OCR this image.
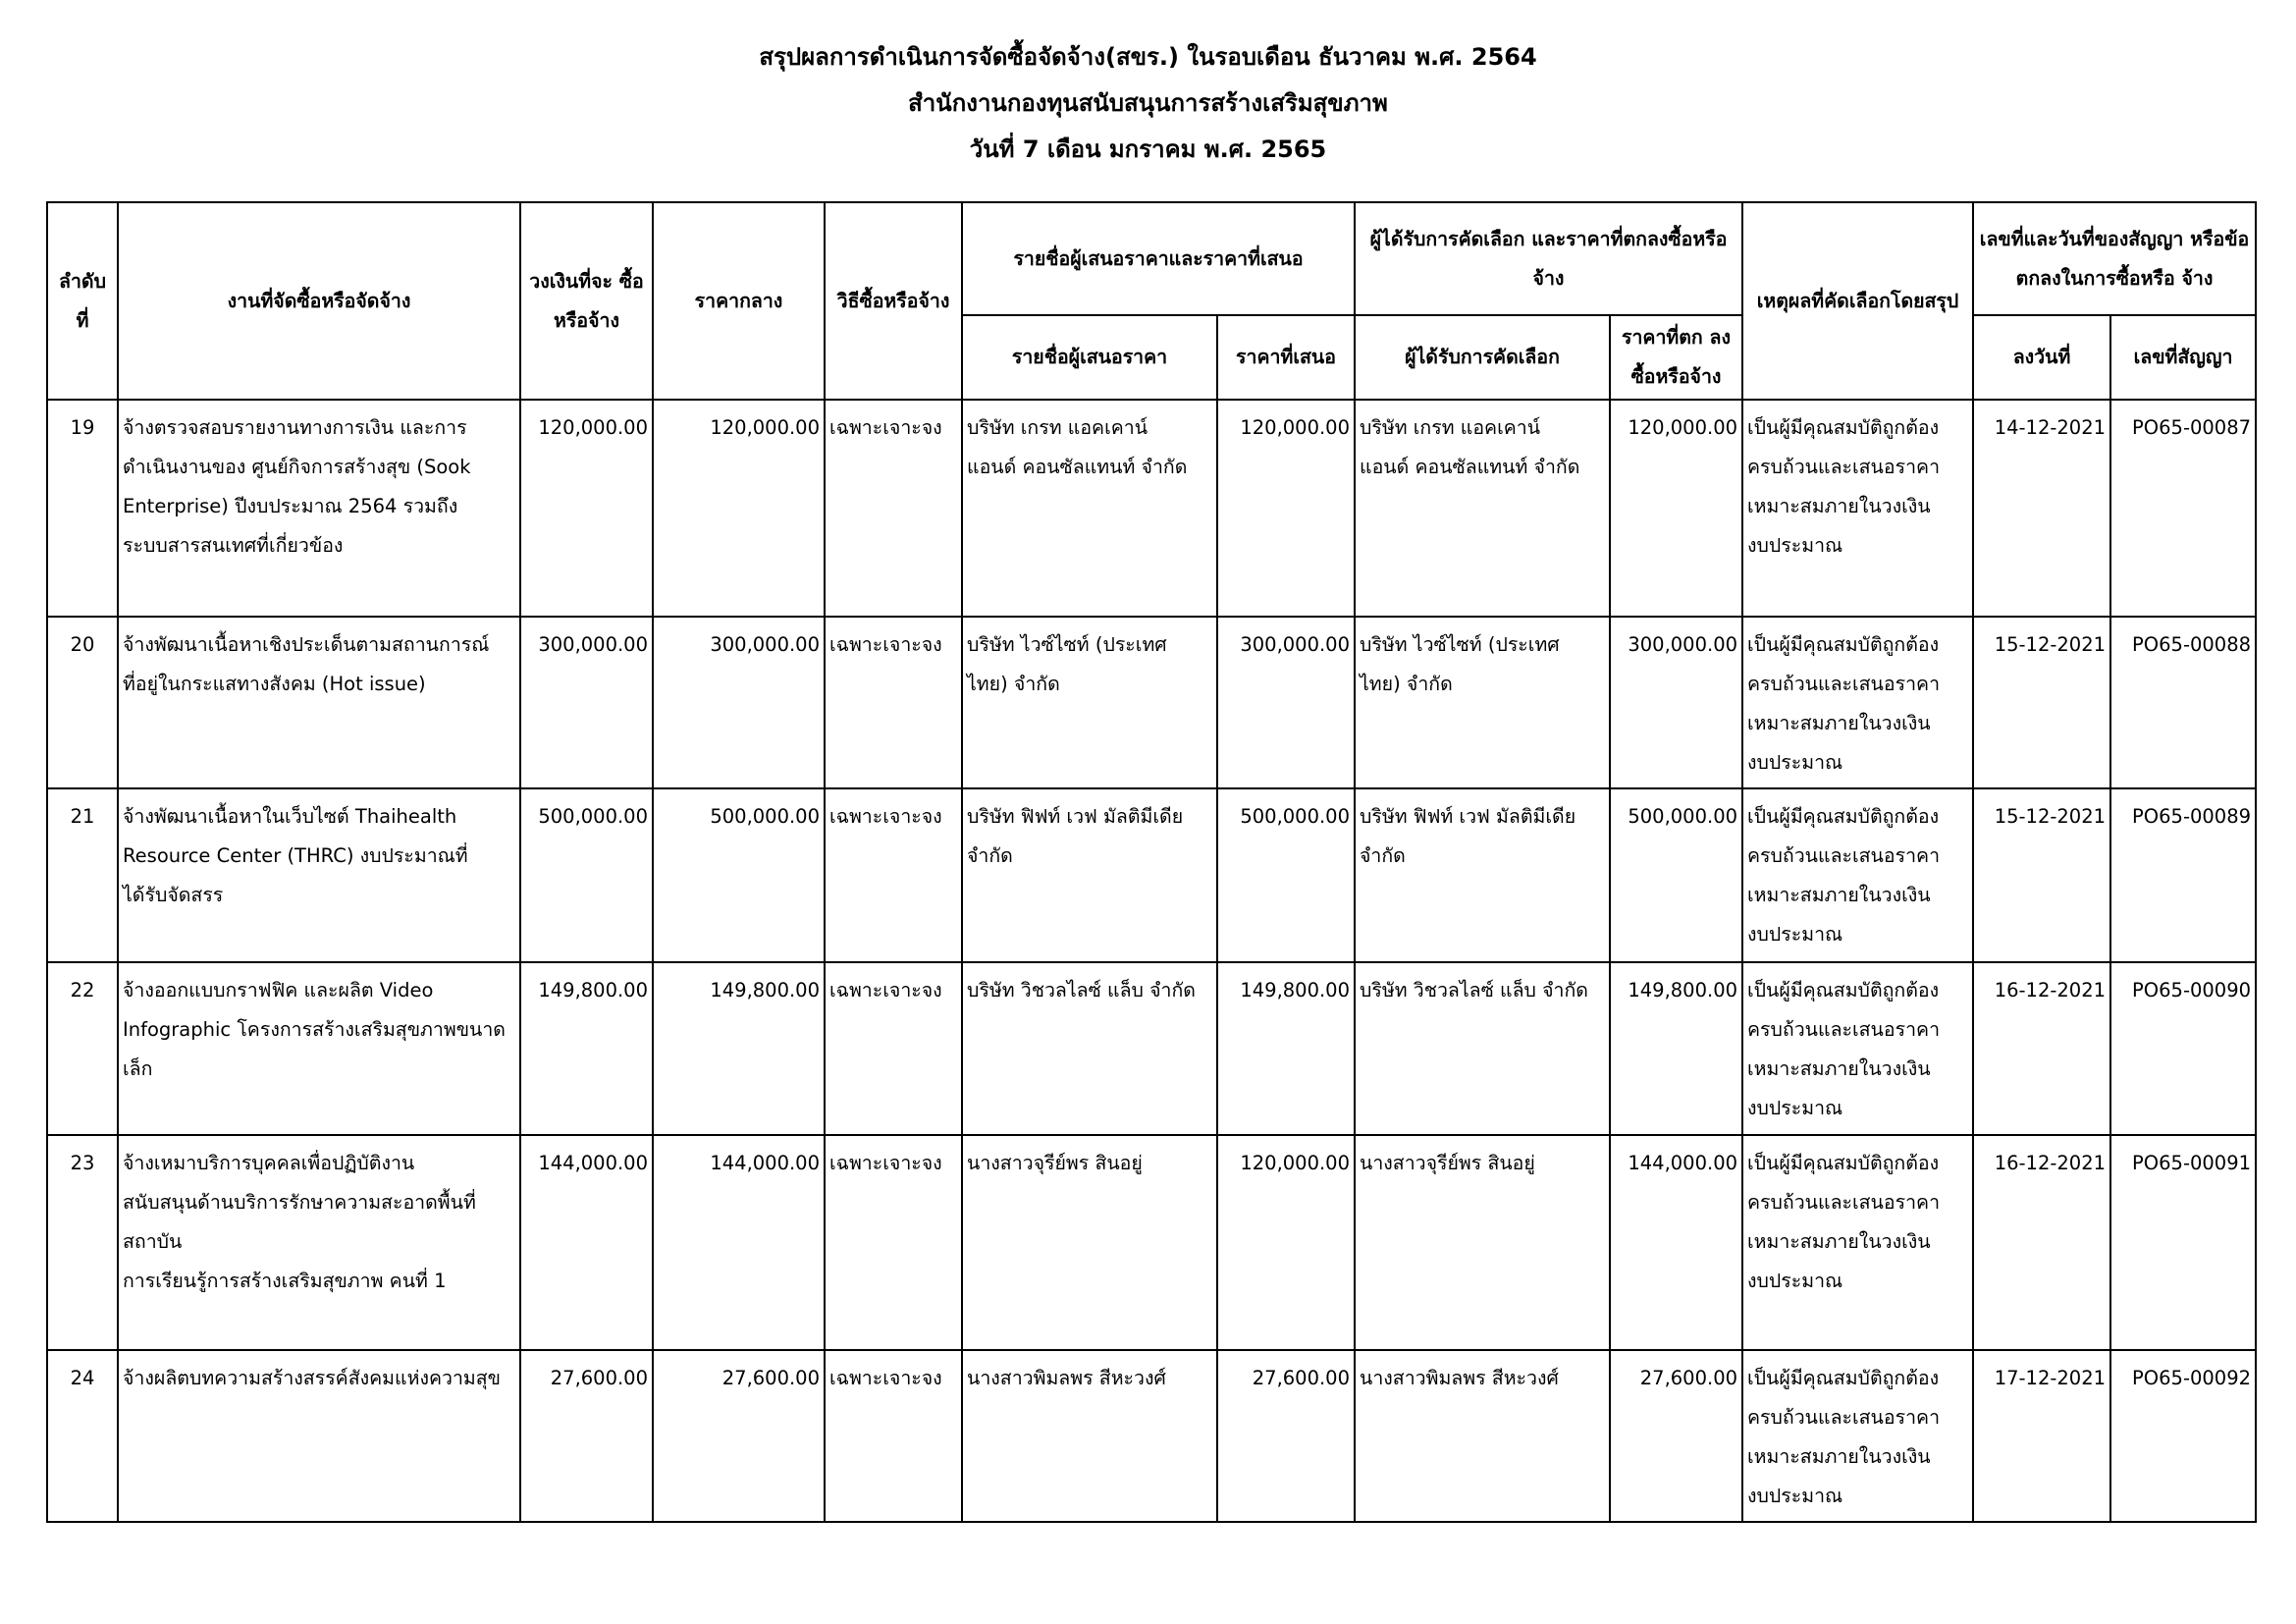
สรุปผลการดำเนินการจัดซื้อจัดจ้าง(สขร.) ในรอบเดือน ธันวาคม พ.ศ. 2564
สำนักงานกองทุนสนับสนุนการสร้างเสริมสุขภาพ
วันที่ 7 เดือน มกราคม พ.ศ. 2565
ลำดับ ที่	งานที่จัดซื้อหรือจัดจ้าง	วงเงินที่จะ ซื้อหรือจ้าง	ราคากลาง	วิธีซื้อหรือจ้าง	รายชื่อผู้เสนอราคาและราคาที่เสนอ		ผู้ได้รับการคัดเลือก และราคาที่ตกลงซื้อหรือจ้าง		เหตุผลที่คัดเลือกโดยสรุป	เลขที่และวันที่ของสัญญา หรือข้อตกลงในการซื้อหรือ จ้าง	
					รายชื่อผู้เสนอราคา	ราคาที่เสนอ	ผู้ได้รับการคัดเลือก	ราคาที่ตก ลงซื้อหรือจ้าง		ลงวันที่	เลขที่สัญญา
19	จ้างตรวจสอบรายงานทางการเงิน และการ
ดำเนินงานของ ศูนย์กิจการสร้างสุข (Sook
Enterprise) ปีงบประมาณ 2564 รวมถึง
ระบบสารสนเทศที่เกี่ยวข้อง	120,000.00	120,000.00	เฉพาะเจาะจง	บริษัท เกรท แอคเคาน์
แอนด์ คอนซัลแทนท์ จำกัด	120,000.00	บริษัท เกรท แอคเคาน์
แอนด์ คอนซัลแทนท์ จำกัด	120,000.00	เป็นผู้มีคุณสมบัติถูกต้อง
ครบถ้วนและเสนอราคา
เหมาะสมภายในวงเงิน
งบประมาณ	14-12-2021	PO65-00087
20	จ้างพัฒนาเนื้อหาเชิงประเด็นตามสถานการณ์
ที่อยู่ในกระแสทางสังคม (Hot issue)	300,000.00	300,000.00	เฉพาะเจาะจง	บริษัท ไวซ์ไซท์ (ประเทศ
ไทย) จำกัด	300,000.00	บริษัท ไวซ์ไซท์ (ประเทศ
ไทย) จำกัด	300,000.00	เป็นผู้มีคุณสมบัติถูกต้อง
ครบถ้วนและเสนอราคา
เหมาะสมภายในวงเงิน
งบประมาณ	15-12-2021	PO65-00088
21	จ้างพัฒนาเนื้อหาในเว็บไซต์ Thaihealth
Resource Center (THRC) งบประมาณที่
ได้รับจัดสรร	500,000.00	500,000.00	เฉพาะเจาะจง	บริษัท ฟิฟท์ เวฟ มัลติมีเดีย
จำกัด	500,000.00	บริษัท ฟิฟท์ เวฟ มัลติมีเดีย
จำกัด	500,000.00	เป็นผู้มีคุณสมบัติถูกต้อง
ครบถ้วนและเสนอราคา
เหมาะสมภายในวงเงิน
งบประมาณ	15-12-2021	PO65-00089
22	จ้างออกแบบกราฟฟิค และผลิต Video
Infographic โครงการสร้างเสริมสุขภาพขนาด
เล็ก	149,800.00	149,800.00	เฉพาะเจาะจง	บริษัท วิชวลไลซ์ แล็บ จำกัด	149,800.00	บริษัท วิชวลไลซ์ แล็บ จำกัด	149,800.00	เป็นผู้มีคุณสมบัติถูกต้อง
ครบถ้วนและเสนอราคา
เหมาะสมภายในวงเงิน
งบประมาณ	16-12-2021	PO65-00090
23	จ้างเหมาบริการบุคคลเพื่อปฏิบัติงาน
สนับสนุนด้านบริการรักษาความสะอาดพื้นที่
สถาบัน
การเรียนรู้การสร้างเสริมสุขภาพ คนที่ 1	144,000.00	144,000.00	เฉพาะเจาะจง	นางสาวจุรีย์พร สินอยู่	120,000.00	นางสาวจุรีย์พร สินอยู่	144,000.00	เป็นผู้มีคุณสมบัติถูกต้อง
ครบถ้วนและเสนอราคา
เหมาะสมภายในวงเงิน
งบประมาณ	16-12-2021	PO65-00091
24	จ้างผลิตบทความสร้างสรรค์สังคมแห่งความสุข	27,600.00	27,600.00	เฉพาะเจาะจง	นางสาวพิมลพร สีหะวงศ์	27,600.00	นางสาวพิมลพร สีหะวงศ์	27,600.00	เป็นผู้มีคุณสมบัติถูกต้อง
ครบถ้วนและเสนอราคา
เหมาะสมภายในวงเงิน
งบประมาณ	17-12-2021	PO65-00092
